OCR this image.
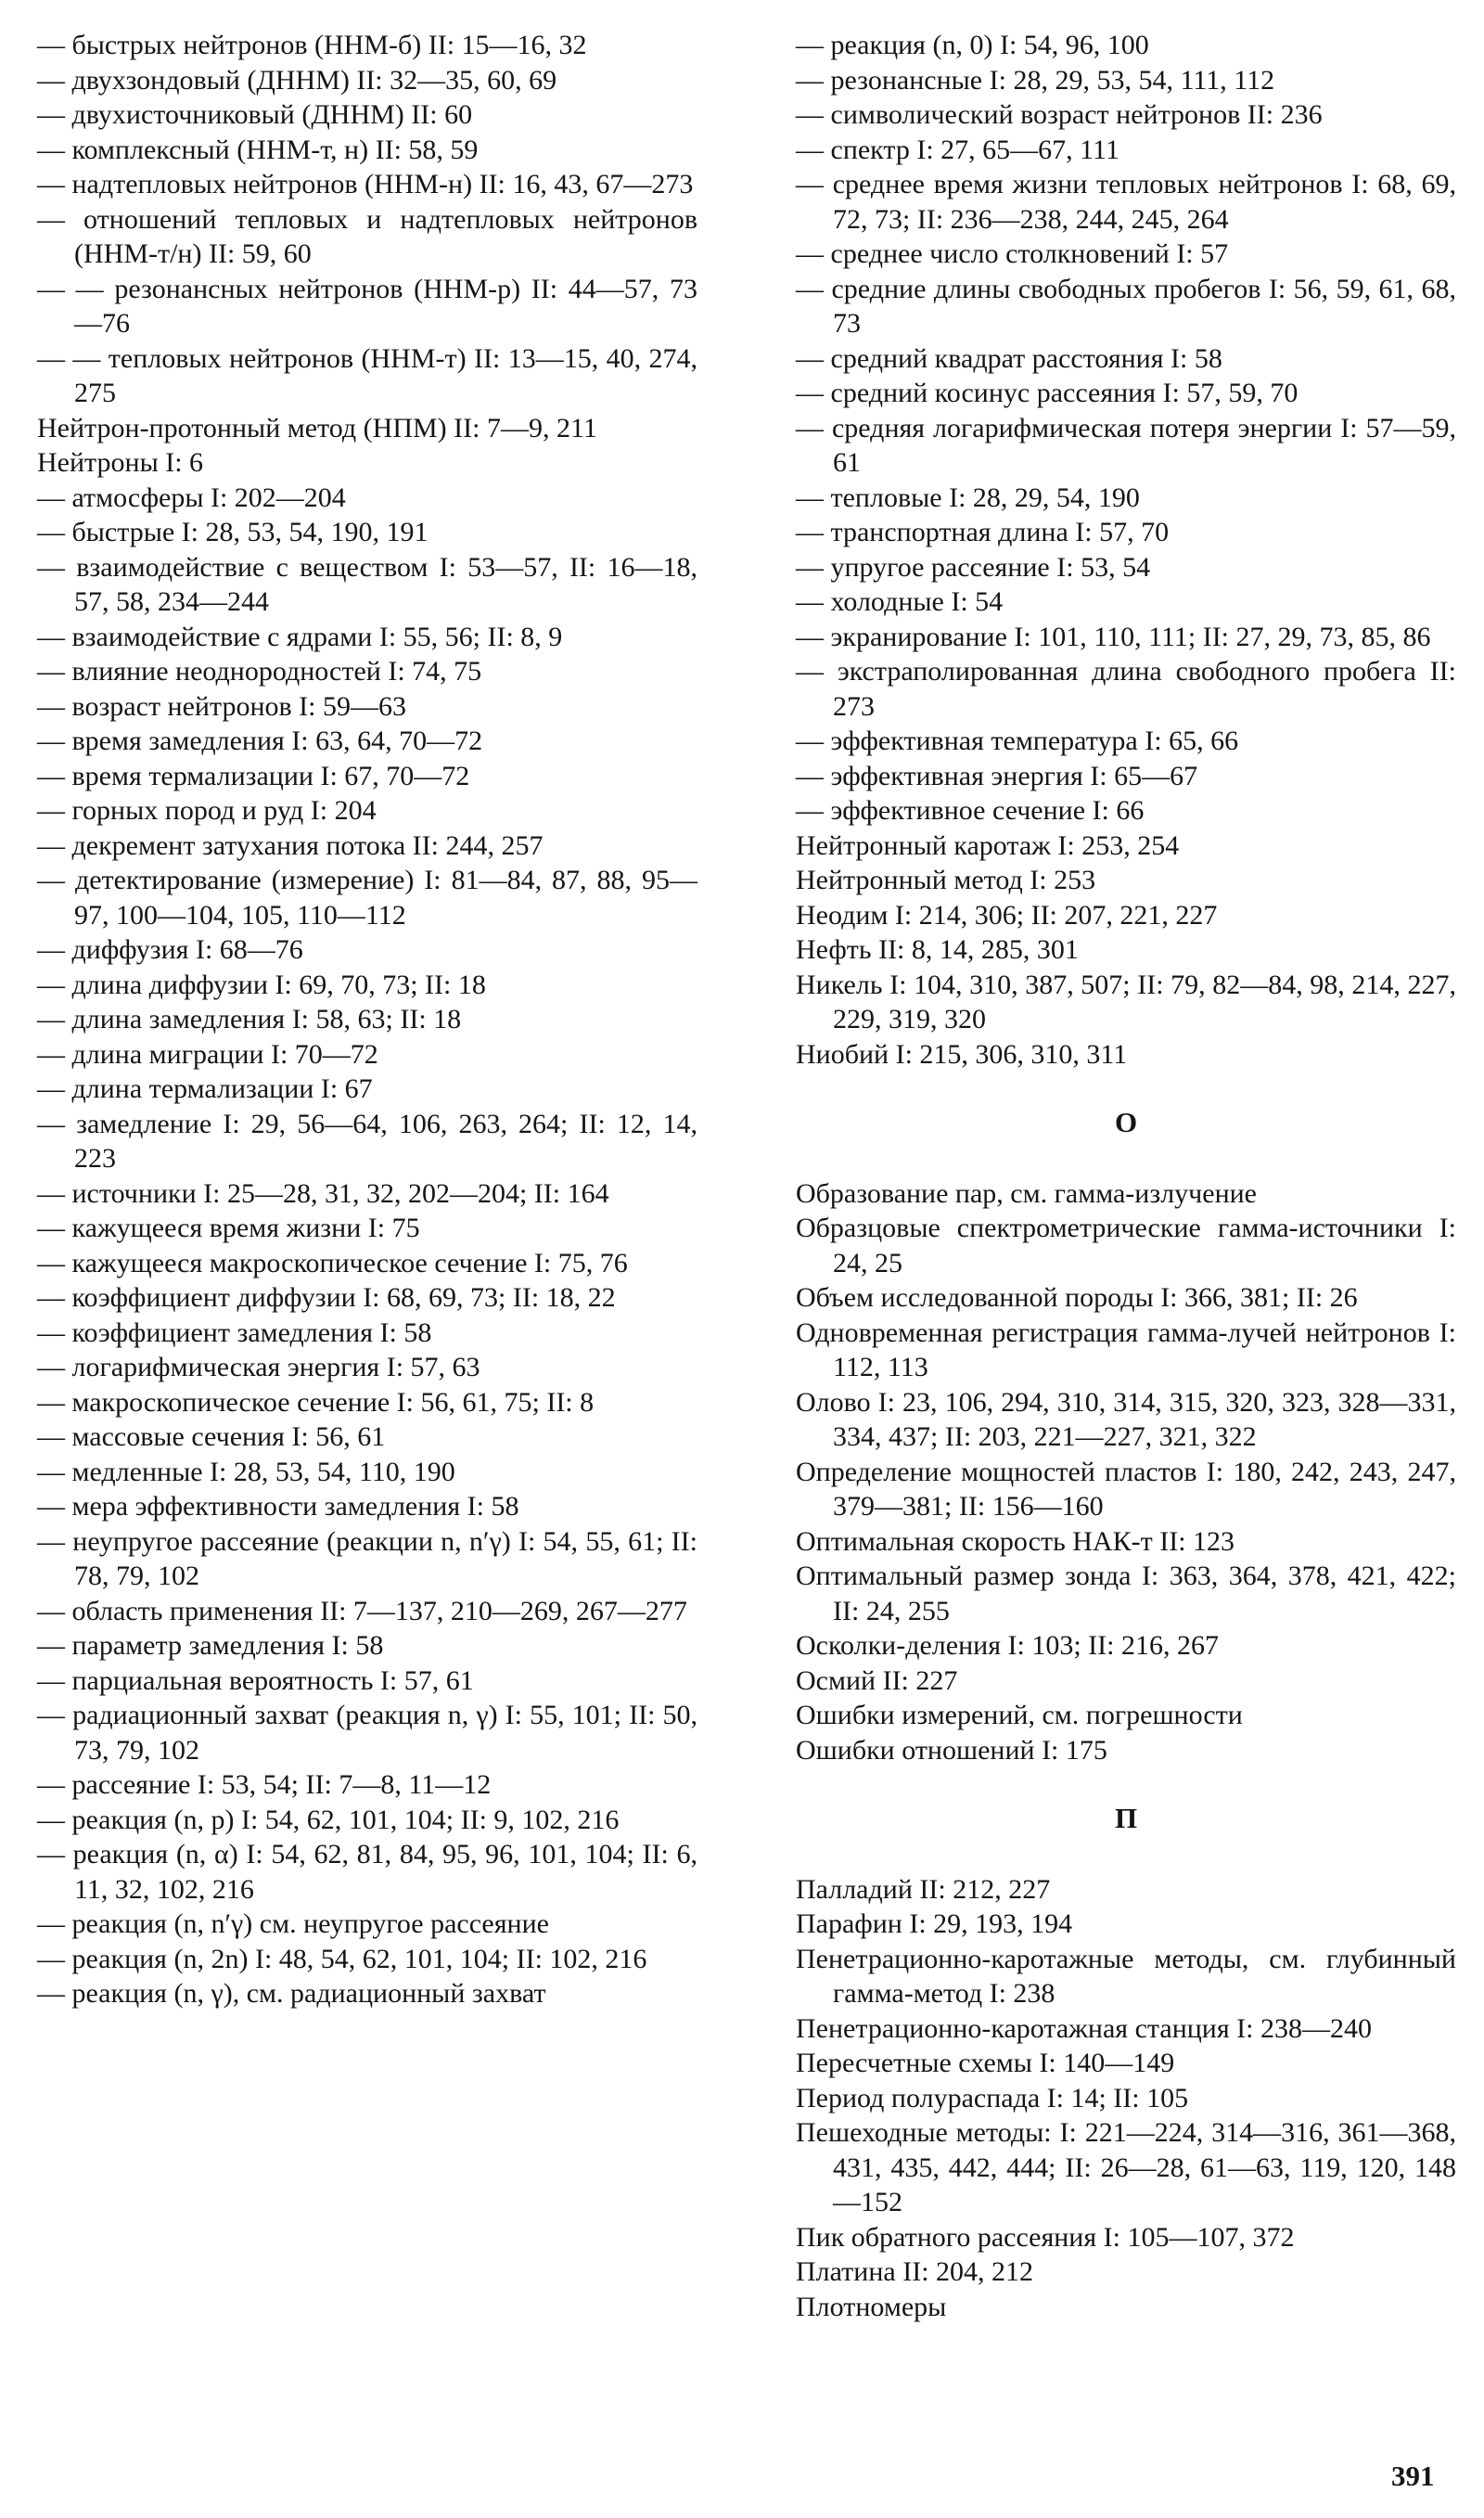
— быстрых нейтронов (ННМ-б) II: 15—16, 32
— двухзондовый (ДННМ) II: 32—35, 60, 69
— двухисточниковый (ДННМ) II: 60
— комплексный (ННМ-т, н) II: 58, 59
— надтепловых нейтронов (ННМ-н) II: 16, 43, 67—273
— отношений тепловых и надтепловых нейтронов (ННМ-т/н) II: 59, 60
— — резонансных нейтронов (ННМ-р) II: 44—57, 73—76
— — тепловых нейтронов (ННМ-т) II: 13—15, 40, 274, 275
Нейтрон-протонный метод (НПМ) II: 7—9, 211
Нейтроны I: 6
— атмосферы I: 202—204
— быстрые I: 28, 53, 54, 190, 191
— взаимодействие с веществом I: 53—57, II: 16—18, 57, 58, 234—244
— взаимодействие с ядрами I: 55, 56; II: 8, 9
— влияние неоднородностей I: 74, 75
— возраст нейтронов I: 59—63
— время замедления I: 63, 64, 70—72
— время термализации I: 67, 70—72
— горных пород и руд I: 204
— декремент затухания потока II: 244, 257
— детектирование (измерение) I: 81—84, 87, 88, 95—97, 100—104, 105, 110—112
— диффузия I: 68—76
— длина диффузии I: 69, 70, 73; II: 18
— длина замедления I: 58, 63; II: 18
— длина миграции I: 70—72
— длина термализации I: 67
— замедление I: 29, 56—64, 106, 263, 264; II: 12, 14, 223
— источники I: 25—28, 31, 32, 202—204; II: 164
— кажущееся время жизни I: 75
— кажущееся макроскопическое сечение I: 75, 76
— коэффициент диффузии I: 68, 69, 73; II: 18, 22
— коэффициент замедления I: 58
— логарифмическая энергия I: 57, 63
— макроскопическое сечение I: 56, 61, 75; II: 8
— массовые сечения I: 56, 61
— медленные I: 28, 53, 54, 110, 190
— мера эффективности замедления I: 58
— неупругое рассеяние (реакции n, n′γ) I: 54, 55, 61; II: 78, 79, 102
— область применения II: 7—137, 210—269, 267—277
— параметр замедления I: 58
— парциальная вероятность I: 57, 61
— радиационный захват (реакция n, γ) I: 55, 101; II: 50, 73, 79, 102
— рассеяние I: 53, 54; II: 7—8, 11—12
— реакция (n, p) I: 54, 62, 101, 104; II: 9, 102, 216
— реакция (n, α) I: 54, 62, 81, 84, 95, 96, 101, 104; II: 6, 11, 32, 102, 216
— реакция (n, n′γ) см. неупругое рассеяние
— реакция (n, 2n) I: 48, 54, 62, 101, 104; II: 102, 216
— реакция (n, γ), см. радиационный захват
— реакция (n, 0) I: 54, 96, 100
— резонансные I: 28, 29, 53, 54, 111, 112
— символический возраст нейтронов II: 236
— спектр I: 27, 65—67, 111
— среднее время жизни тепловых нейтронов I: 68, 69, 72, 73; II: 236—238, 244, 245, 264
— среднее число столкновений I: 57
— средние длины свободных пробегов I: 56, 59, 61, 68, 73
— средний квадрат расстояния I: 58
— средний косинус рассеяния I: 57, 59, 70
— средняя логарифмическая потеря энергии I: 57—59, 61
— тепловые I: 28, 29, 54, 190
— транспортная длина I: 57, 70
— упругое рассеяние I: 53, 54
— холодные I: 54
— экранирование I: 101, 110, 111; II: 27, 29, 73, 85, 86
— экстраполированная длина свободного пробега II: 273
— эффективная температура I: 65, 66
— эффективная энергия I: 65—67
— эффективное сечение I: 66
Нейтронный каротаж I: 253, 254
Нейтронный метод I: 253
Неодим I: 214, 306; II: 207, 221, 227
Нефть II: 8, 14, 285, 301
Никель I: 104, 310, 387, 507; II: 79, 82—84, 98, 214, 227, 229, 319, 320
Ниобий I: 215, 306, 310, 311
О
Образование пар, см. гамма-излучение
Образцовые спектрометрические гамма-источники I: 24, 25
Объем исследованной породы I: 366, 381; II: 26
Одновременная регистрация гамма-лучей нейтронов I: 112, 113
Олово I: 23, 106, 294, 310, 314, 315, 320, 323, 328—331, 334, 437; II: 203, 221—227, 321, 322
Определение мощностей пластов I: 180, 242, 243, 247, 379—381; II: 156—160
Оптимальная скорость НАК-т II: 123
Оптимальный размер зонда I: 363, 364, 378, 421, 422; II: 24, 255
Осколки-деления I: 103; II: 216, 267
Осмий II: 227
Ошибки измерений, см. погрешности
Ошибки отношений I: 175
П
Палладий II: 212, 227
Парафин I: 29, 193, 194
Пенетрационно-каротажные методы, см. глубинный гамма-метод I: 238
Пенетрационно-каротажная станция I: 238—240
Пересчетные схемы I: 140—149
Период полураспада I: 14; II: 105
Пешеходные методы: I: 221—224, 314—316, 361—368, 431, 435, 442, 444; II: 26—28, 61—63, 119, 120, 148—152
Пик обратного рассеяния I: 105—107, 372
Платина II: 204, 212
Плотномеры
391
